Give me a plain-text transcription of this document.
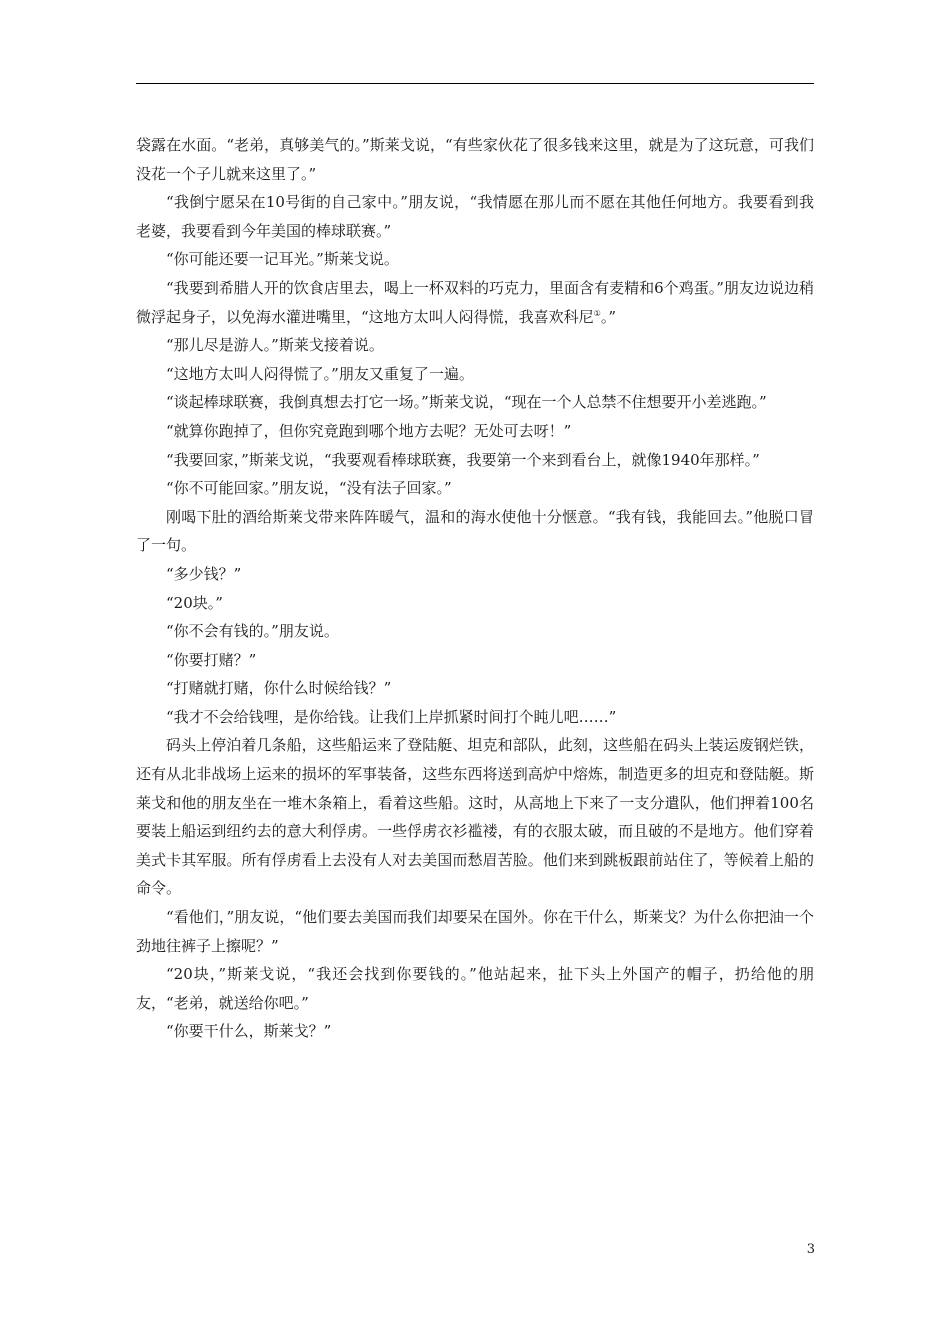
袋露在水面。“老弟，真够美气的。”斯莱戈说，“有些家伙花了很多钱来这里，就是为了这玩意，可我们没花一个子儿就来这里了。”

“我倒宁愿呆在10号街的自己家中。”朋友说，“我情愿在那儿而不愿在其他任何地方。我要看到我老婆，我要看到今年美国的棒球联赛。”

“你可能还要一记耳光。”斯莱戈说。

“我要到希腊人开的饮食店里去，喝上一杯双料的巧克力，里面含有麦精和6个鸡蛋。”朋友边说边稍微浮起身子，以免海水灌进嘴里，“这地方太叫人闷得慌，我喜欢科尼①。”

“那儿尽是游人。”斯莱戈接着说。

“这地方太叫人闷得慌了。”朋友又重复了一遍。

“谈起棒球联赛，我倒真想去打它一场。”斯莱戈说，“现在一个人总禁不住想要开小差逃跑。”

“就算你跑掉了，但你究竟跑到哪个地方去呢？无处可去呀！”

“我要回家，”斯莱戈说，“我要观看棒球联赛，我要第一个来到看台上，就像1940年那样。”

“你不可能回家。”朋友说，“没有法子回家。”

刚喝下肚的酒给斯莱戈带来阵阵暖气，温和的海水使他十分惬意。“我有钱，我能回去。”他脱口冒了一句。

“多少钱？”

“20块。”

“你不会有钱的。”朋友说。

“你要打赌？”

“打赌就打赌，你什么时候给钱？”

“我才不会给钱哩，是你给钱。让我们上岸抓紧时间打个盹儿吧……”

码头上停泊着几条船，这些船运来了登陆艇、坦克和部队，此刻，这些船在码头上装运废钢烂铁，还有从北非战场上运来的损坏的军事装备，这些东西将送到高炉中熔炼，制造更多的坦克和登陆艇。斯莱戈和他的朋友坐在一堆木条箱上，看着这些船。这时，从高地上下来了一支分遣队，他们押着100名要装上船运到纽约去的意大利俘虏。一些俘虏衣衫褴褛，有的衣服太破，而且破的不是地方。他们穿着美式卡其军服。所有俘虏看上去没有人对去美国而愁眉苦脸。他们来到跳板跟前站住了，等候着上船的命令。

“看他们，”朋友说，“他们要去美国而我们却要呆在国外。你在干什么，斯莱戈？为什么你把油一个劲地往裤子上擦呢？”

“20块，”斯莱戈说，“我还会找到你要钱的。”他站起来，扯下头上外国产的帽子，扔给他的朋友，“老弟，就送给你吧。”

“你要干什么，斯莱戈？”

3
